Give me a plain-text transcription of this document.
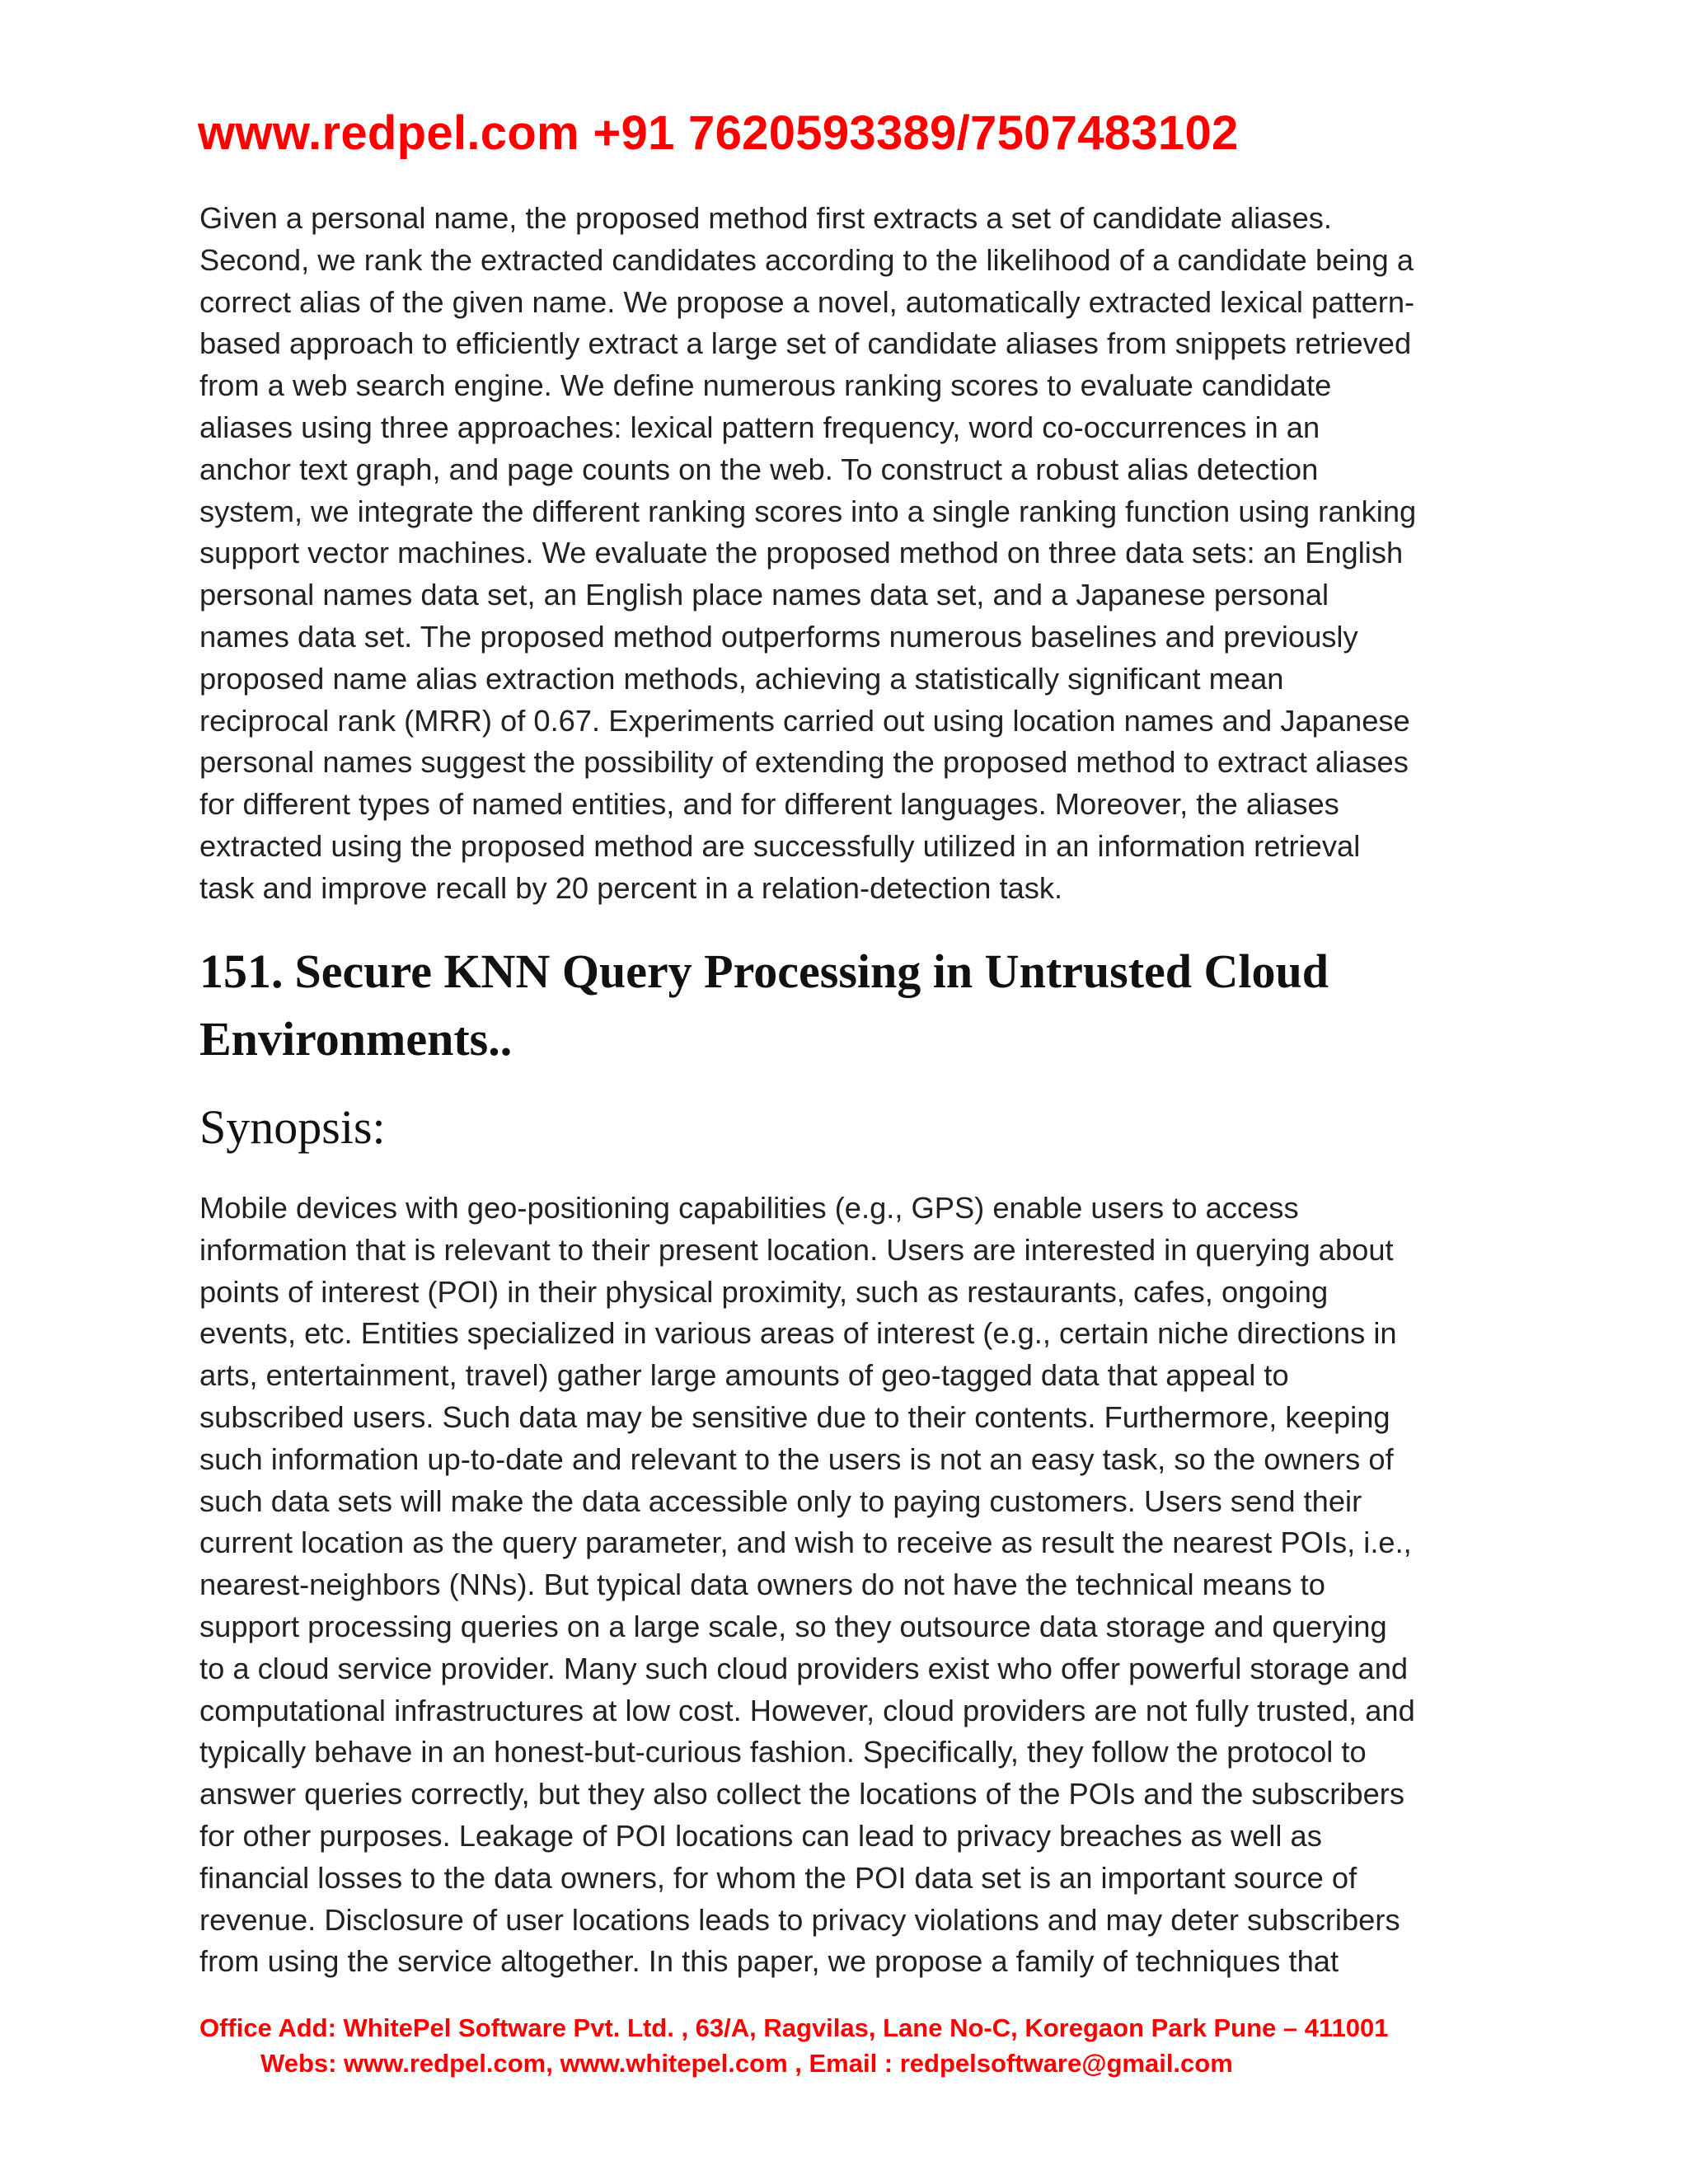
www.redpel.com +91 7620593389/7507483102
Given a personal name, the proposed method first extracts a set of candidate aliases.
Second, we rank the extracted candidates according to the likelihood of a candidate being a
correct alias of the given name. We propose a novel, automatically extracted lexical pattern-
based approach to efficiently extract a large set of candidate aliases from snippets retrieved
from a web search engine. We define numerous ranking scores to evaluate candidate
aliases using three approaches: lexical pattern frequency, word co-occurrences in an
anchor text graph, and page counts on the web. To construct a robust alias detection
system, we integrate the different ranking scores into a single ranking function using ranking
support vector machines. We evaluate the proposed method on three data sets: an English
personal names data set, an English place names data set, and a Japanese personal
names data set. The proposed method outperforms numerous baselines and previously
proposed name alias extraction methods, achieving a statistically significant mean
reciprocal rank (MRR) of 0.67. Experiments carried out using location names and Japanese
personal names suggest the possibility of extending the proposed method to extract aliases
for different types of named entities, and for different languages. Moreover, the aliases
extracted using the proposed method are successfully utilized in an information retrieval
task and improve recall by 20 percent in a relation-detection task.
151. Secure KNN Query Processing in Untrusted Cloud
Environments..
Synopsis:
Mobile devices with geo-positioning capabilities (e.g., GPS) enable users to access
information that is relevant to their present location. Users are interested in querying about
points of interest (POI) in their physical proximity, such as restaurants, cafes, ongoing
events, etc. Entities specialized in various areas of interest (e.g., certain niche directions in
arts, entertainment, travel) gather large amounts of geo-tagged data that appeal to
subscribed users. Such data may be sensitive due to their contents. Furthermore, keeping
such information up-to-date and relevant to the users is not an easy task, so the owners of
such data sets will make the data accessible only to paying customers. Users send their
current location as the query parameter, and wish to receive as result the nearest POIs, i.e.,
nearest-neighbors (NNs). But typical data owners do not have the technical means to
support processing queries on a large scale, so they outsource data storage and querying
to a cloud service provider. Many such cloud providers exist who offer powerful storage and
computational infrastructures at low cost. However, cloud providers are not fully trusted, and
typically behave in an honest-but-curious fashion. Specifically, they follow the protocol to
answer queries correctly, but they also collect the locations of the POIs and the subscribers
for other purposes. Leakage of POI locations can lead to privacy breaches as well as
financial losses to the data owners, for whom the POI data set is an important source of
revenue. Disclosure of user locations leads to privacy violations and may deter subscribers
from using the service altogether. In this paper, we propose a family of techniques that
Office Add: WhitePel Software Pvt. Ltd. , 63/A, Ragvilas, Lane No-C, Koregaon Park Pune – 411001
Webs: www.redpel.com, www.whitepel.com , Email : redpelsoftware@gmail.com
